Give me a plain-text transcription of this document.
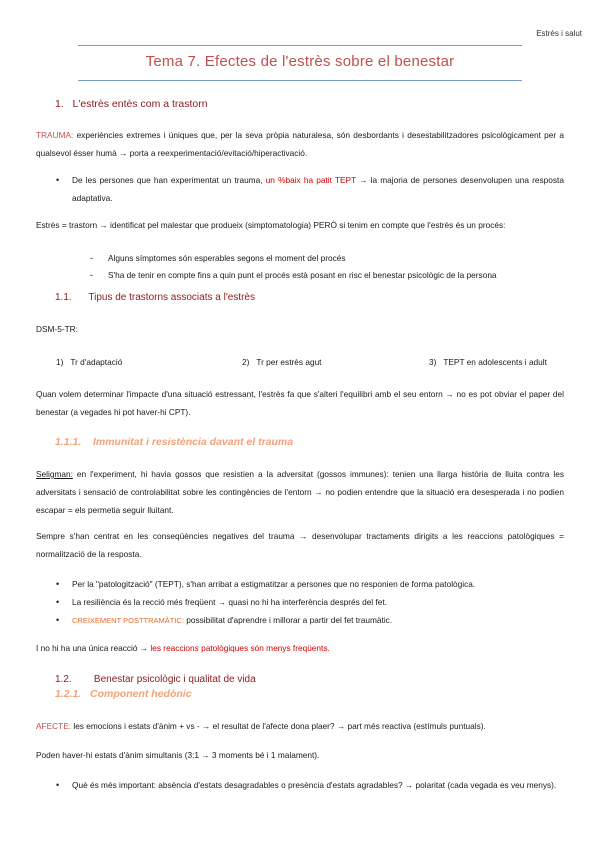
Estrès i salut
Tema 7. Efectes de l'estrès sobre el benestar
1. L'estrès entès com a trastorn
TRAUMA: experiències extremes i úniques que, per la seva pròpia naturalesa, són desbordants i desestabilitzadores psicològicament per a qualsevol ésser humà → porta a reexperimentació/evitació/hiperactivació.
• De les persones que han experimentat un trauma, un %baix ha patit TEPT → la majoria de persones desenvolupen una resposta adaptativa.
Estrès = trastorn → identificat pel malestar que produeix (simptomatologia) PERÒ si tenim en compte que l'estrès és un procés:
- Alguns símptomes són esperables segons el moment del procés
- S'ha de tenir en compte fins a quin punt el procés està posant en risc el benestar psicològic de la persona
1.1. Tipus de trastorns associats a l'estrès
DSM-5-TR:
1) Tr d'adaptació	2) Tr per estrès agut	3) TEPT en adolescents i adult
Quan volem determinar l'impacte d'una situació estressant, l'estrès fa que s'alteri l'equilibri amb el seu entorn → no es pot obviar el paper del benestar (a vegades hi pot haver-hi CPT).
1.1.1. Immunitat i resistència davant el trauma
Seligman: en l'experiment, hi havia gossos que resistien a la adversitat (gossos immunes): tenien una llarga història de lluita contra les adversitats i sensació de controlabilitat sobre les contingències de l'entorn → no podien entendre que la situació era desesperada i no podien escapar = els permetia seguir lluitant.
Sempre s'han centrat en les conseqüències negatives del trauma → desenvolupar tractaments dirigits a les reaccions patològiques = normalització de la resposta.
• Per la "patologització" (TEPT), s'han arribat a estigmatitzar a persones que no responien de forma patològica.
• La resiliència és la recció més freqüent → quasi no hi ha interferència després del fet.
• CREIXEMENT POSTTRAMÀTIC: possibilitat d'aprendre i millorar a partir del fet traumàtic.
I no hi ha una única reacció → les reaccions patològiques són menys freqüents.
1.2. Benestar psicològic i qualitat de vida
1.2.1. Component hedònic
AFECTE: les emocions i estats d'ànim + vs - → el resultat de l'afecte dona plaer? → part més reactiva (estímuls puntuals).
Poden haver-hi estats d'ànim simultanis (3:1 → 3 moments bé i 1 malament).
• Què és més important: absència d'estats desagradables o presència d'estats agradables? → polaritat (cada vegada es veu menys).
